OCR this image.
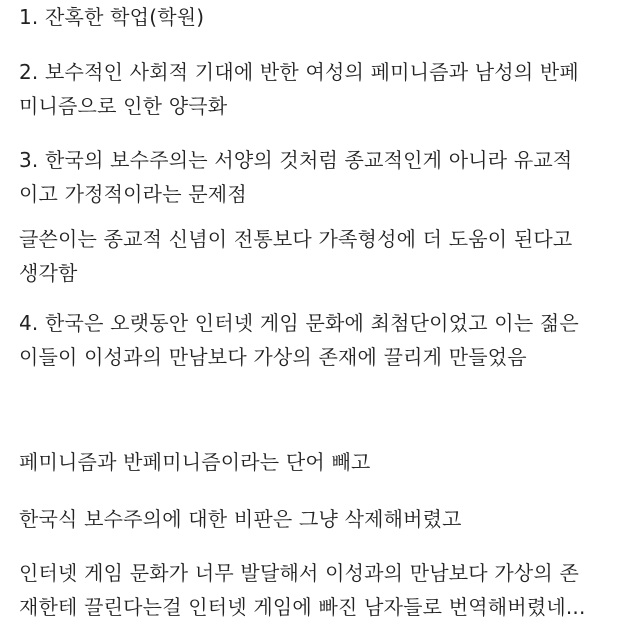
1. 잔혹한 학업(학원)

2. 보수적인 사회적 기대에 반한 여성의 페미니즘과 남성의 반페
미니즘으로 인한 양극화

3. 한국의 보수주의는 서양의 것처럼 종교적인게 아니라 유교적
이고 가정적이라는 문제점

글쓴이는 종교적 신념이 전통보다 가족형성에 더 도움이 된다고
생각함

4. 한국은 오랫동안 인터넷 게임 문화에 최첨단이었고 이는 젊은
이들이 이성과의 만남보다 가상의 존재에 끌리게 만들었음

페미니즘과 반페미니즘이라는 단어 빼고

한국식 보수주의에 대한 비판은 그냥 삭제해버렸고

인터넷 게임 문화가 너무 발달해서 이성과의 만남보다 가상의 존
재한테 끌린다는걸 인터넷 게임에 빠진 남자들로 번역해버렸네...
